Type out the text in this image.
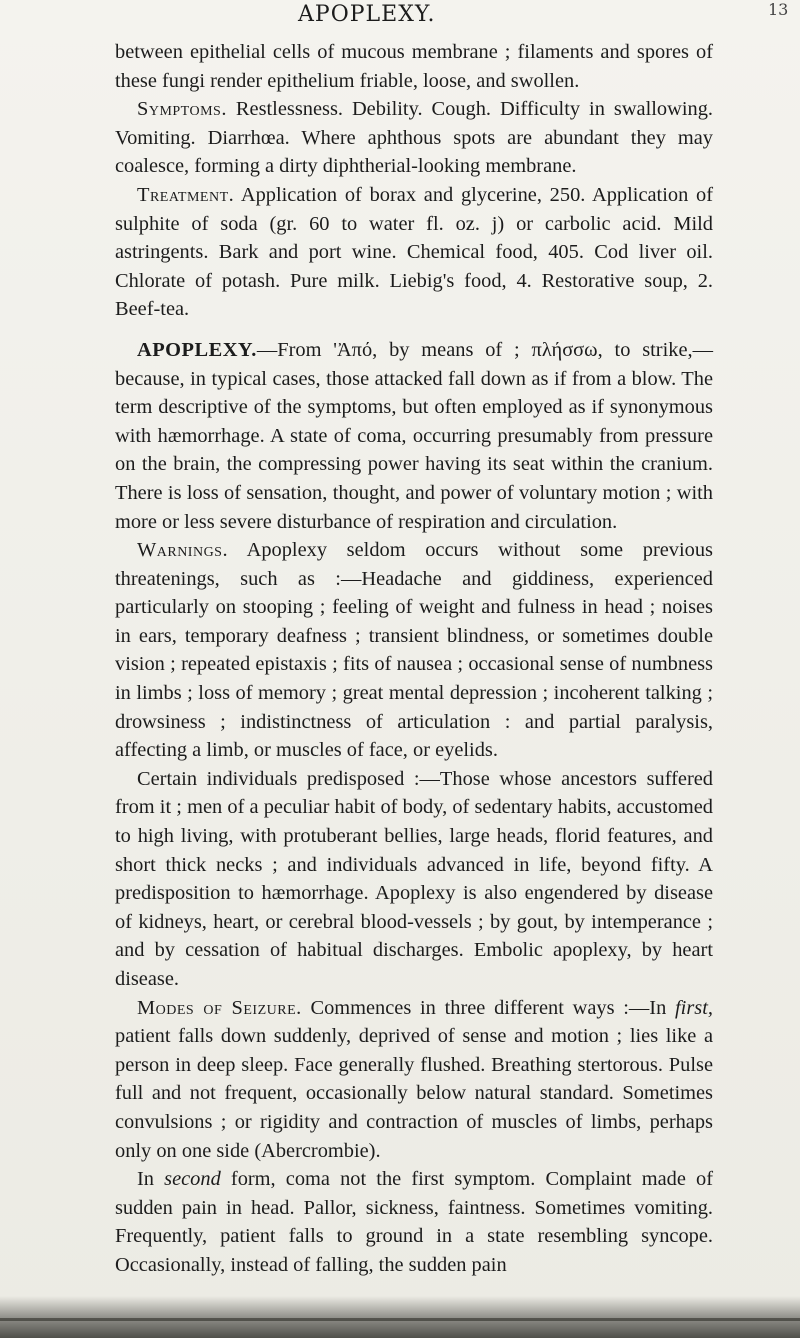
APOPLEXY.	13

between epithelial cells of mucous membrane ; filaments and spores of these fungi render epithelium friable, loose, and swollen.

Symptoms. Restlessness. Debility. Cough. Difficulty in swallowing. Vomiting. Diarrhœa. Where aphthous spots are abundant they may coalesce, forming a dirty diphtherial-looking membrane.

Treatment. Application of borax and glycerine, 250. Application of sulphite of soda (gr. 60 to water fl. oz. j) or carbolic acid. Mild astringents. Bark and port wine. Chemical food, 405. Cod liver oil. Chlorate of potash. Pure milk. Liebig's food, 4. Restorative soup, 2. Beef-tea.

APOPLEXY.—From 'Ἀπό, by means of ; πλήσσω, to strike,— because, in typical cases, those attacked fall down as if from a blow. The term descriptive of the symptoms, but often employed as if synonymous with hæmorrhage. A state of coma, occurring presumably from pressure on the brain, the compressing power having its seat within the cranium. There is loss of sensation, thought, and power of voluntary motion ; with more or less severe disturbance of respiration and circulation.

Warnings. Apoplexy seldom occurs without some previous threatenings, such as :—Headache and giddiness, experienced particularly on stooping ; feeling of weight and fulness in head ; noises in ears, temporary deafness ; transient blindness, or sometimes double vision ; repeated epistaxis ; fits of nausea ; occasional sense of numbness in limbs ; loss of memory ; great mental depression ; incoherent talking ; drowsiness ; indistinctness of articulation : and partial paralysis, affecting a limb, or muscles of face, or eyelids.

Certain individuals predisposed :—Those whose ancestors suffered from it ; men of a peculiar habit of body, of sedentary habits, accustomed to high living, with protuberant bellies, large heads, florid features, and short thick necks ; and individuals advanced in life, beyond fifty. A predisposition to hæmorrhage. Apoplexy is also engendered by disease of kidneys, heart, or cerebral blood-vessels ; by gout, by intemperance ; and by cessation of habitual discharges. Embolic apoplexy, by heart disease.

Modes of Seizure. Commences in three different ways :—In first, patient falls down suddenly, deprived of sense and motion ; lies like a person in deep sleep. Face generally flushed. Breathing stertorous. Pulse full and not frequent, occasionally below natural standard. Sometimes convulsions ; or rigidity and contraction of muscles of limbs, perhaps only on one side (Abercrombie).

In second form, coma not the first symptom. Complaint made of sudden pain in head. Pallor, sickness, faintness. Sometimes vomiting. Frequently, patient falls to ground in a state resembling syncope. Occasionally, instead of falling, the sudden pain
